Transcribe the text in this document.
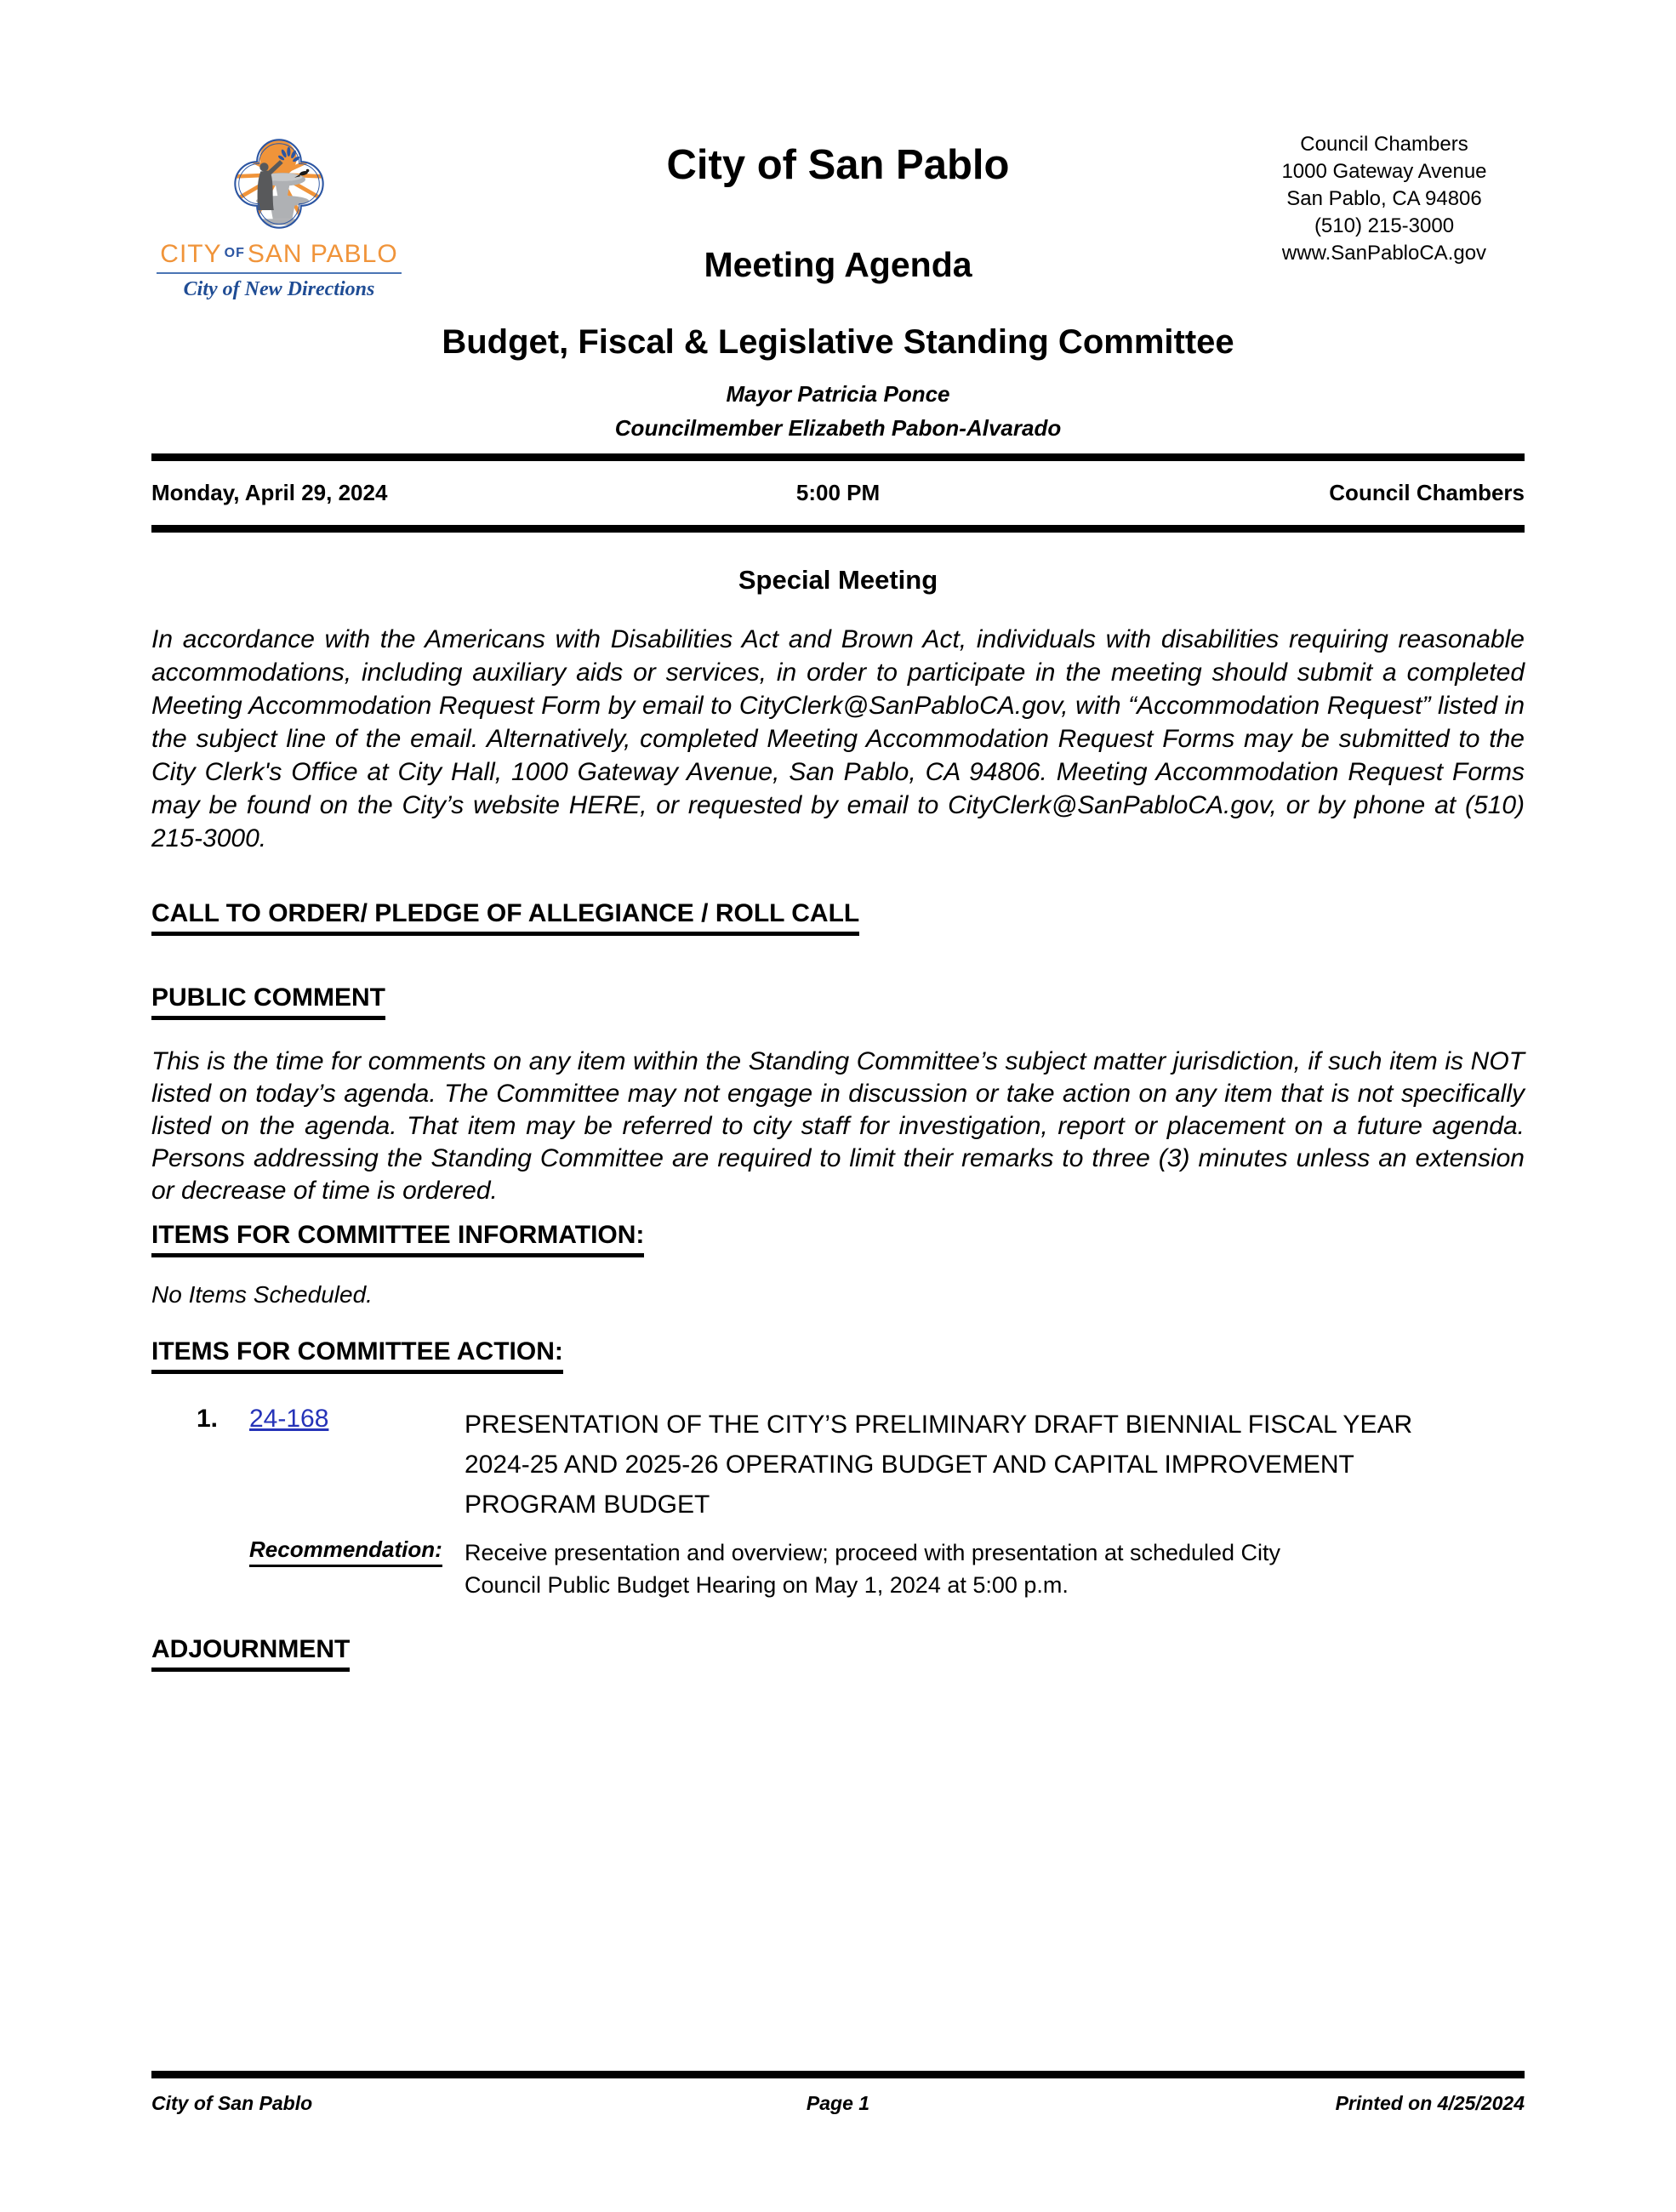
CITY $^{OF}$ SAN PABLO
City of New Directions
City of San Pablo
Meeting Agenda
Council Chambers
1000 Gateway Avenue
San Pablo, CA 94806
(510) 215-3000
www.SanPabloCA.gov
Budget, Fiscal & Legislative Standing Committee
Mayor Patricia Ponce
Councilmember Elizabeth Pabon-Alvarado
Monday, April 29, 2024	5:00 PM	Council Chambers
Special Meeting
In accordance with the Americans with Disabilities Act and Brown Act, individuals with disabilities requiring reasonable accommodations, including auxiliary aids or services, in order to participate in the meeting should submit a completed Meeting Accommodation Request Form by email to CityClerk@SanPabloCA.gov, with “Accommodation Request” listed in the subject line of the email. Alternatively, completed Meeting Accommodation Request Forms may be submitted to the City Clerk's Office at City Hall, 1000 Gateway Avenue, San Pablo, CA 94806. Meeting Accommodation Request Forms may be found on the City’s website HERE, or requested by email to CityClerk@SanPabloCA.gov, or by phone at (510) 215-3000.
CALL TO ORDER/ PLEDGE OF ALLEGIANCE / ROLL CALL
PUBLIC COMMENT
This is the time for comments on any item within the Standing Committee’s subject matter jurisdiction, if such item is NOT listed on today’s agenda. The Committee may not engage in discussion or take action on any item that is not specifically listed on the agenda. That item may be referred to city staff for investigation, report or placement on a future agenda. Persons addressing the Standing Committee are required to limit their remarks to three (3) minutes unless an extension or decrease of time is ordered.
ITEMS FOR COMMITTEE INFORMATION:
No Items Scheduled.
ITEMS FOR COMMITTEE ACTION:
1.	24-168	PRESENTATION OF THE CITY’S PRELIMINARY DRAFT BIENNIAL FISCAL YEAR 2024-25 AND 2025-26 OPERATING BUDGET AND CAPITAL IMPROVEMENT PROGRAM BUDGET
Recommendation: Receive presentation and overview; proceed with presentation at scheduled City Council Public Budget Hearing on May 1, 2024 at 5:00 p.m.
ADJOURNMENT
City of San Pablo	Page 1	Printed on 4/25/2024
